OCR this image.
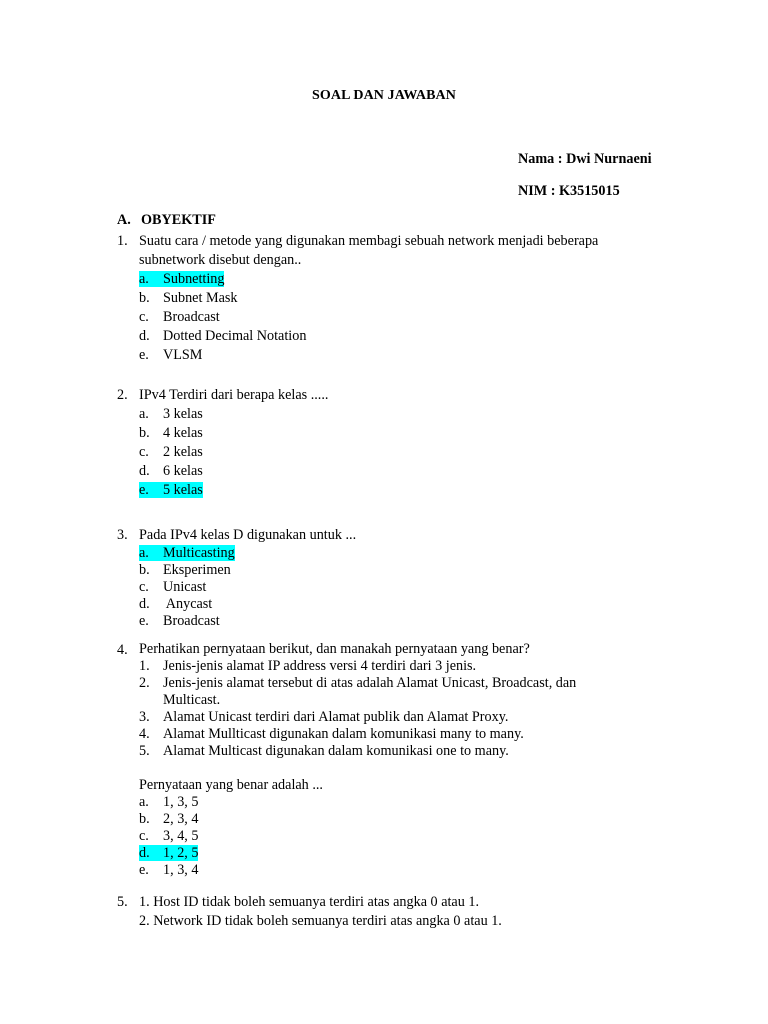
SOAL DAN JAWABAN
Nama : Dwi Nurnaeni
NIM : K3515015
A. OBYEKTIF
1. Suatu cara / metode yang digunakan membagi sebuah network menjadi beberapa
subnetwork disebut dengan..
a. Subnetting
b. Subnet Mask
c. Broadcast
d. Dotted Decimal Notation
e. VLSM
2. IPv4 Terdiri dari berapa kelas .....
a. 3 kelas
b. 4 kelas
c. 2 kelas
d. 6 kelas
e. 5 kelas
3. Pada IPv4 kelas D digunakan untuk ...
a. Multicasting
b. Eksperimen
c. Unicast
d. Anycast
e. Broadcast
4. Perhatikan pernyataan berikut, dan manakah pernyataan yang benar?
1. Jenis-jenis alamat IP address versi 4 terdiri dari 3 jenis.
2. Jenis-jenis alamat tersebut di atas adalah Alamat Unicast, Broadcast, dan
Multicast.
3. Alamat Unicast terdiri dari Alamat publik dan Alamat Proxy.
4. Alamat Mullticast digunakan dalam komunikasi many to many.
5. Alamat Multicast digunakan dalam komunikasi one to many.
Pernyataan yang benar adalah ...
a. 1, 3, 5
b. 2, 3, 4
c. 3, 4, 5
d. 1, 2, 5
e. 1, 3, 4
5. 1. Host ID tidak boleh semuanya terdiri atas angka 0 atau 1.
2. Network ID tidak boleh semuanya terdiri atas angka 0 atau 1.
